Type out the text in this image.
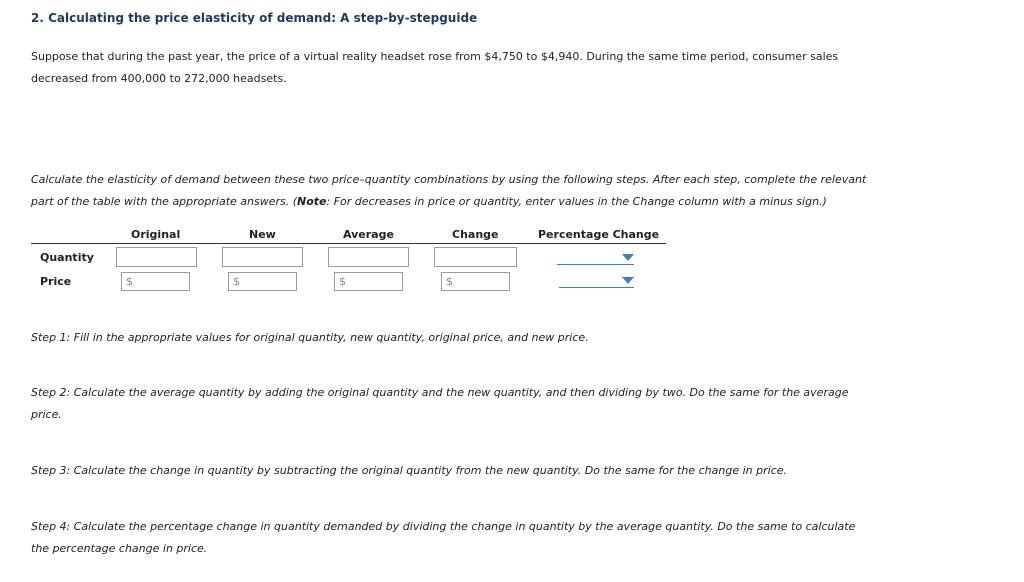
2. Calculating the price elasticity of demand: A step-by-stepguide
Suppose that during the past year, the price of a virtual reality headset rose from $4,750 to $4,940. During the same time period, consumer sales
decreased from 400,000 to 272,000 headsets.
Calculate the elasticity of demand between these two price–quantity combinations by using the following steps. After each step, complete the relevant
part of the table with the appropriate answers. (Note: For decreases in price or quantity, enter values in the Change column with a minus sign.)
Original	New	Average	Change	Percentage Change
Quantity
Price	$	$	$	$
Step 1: Fill in the appropriate values for original quantity, new quantity, original price, and new price.
Step 2: Calculate the average quantity by adding the original quantity and the new quantity, and then dividing by two. Do the same for the average
price.
Step 3: Calculate the change in quantity by subtracting the original quantity from the new quantity. Do the same for the change in price.
Step 4: Calculate the percentage change in quantity demanded by dividing the change in quantity by the average quantity. Do the same to calculate
the percentage change in price.
